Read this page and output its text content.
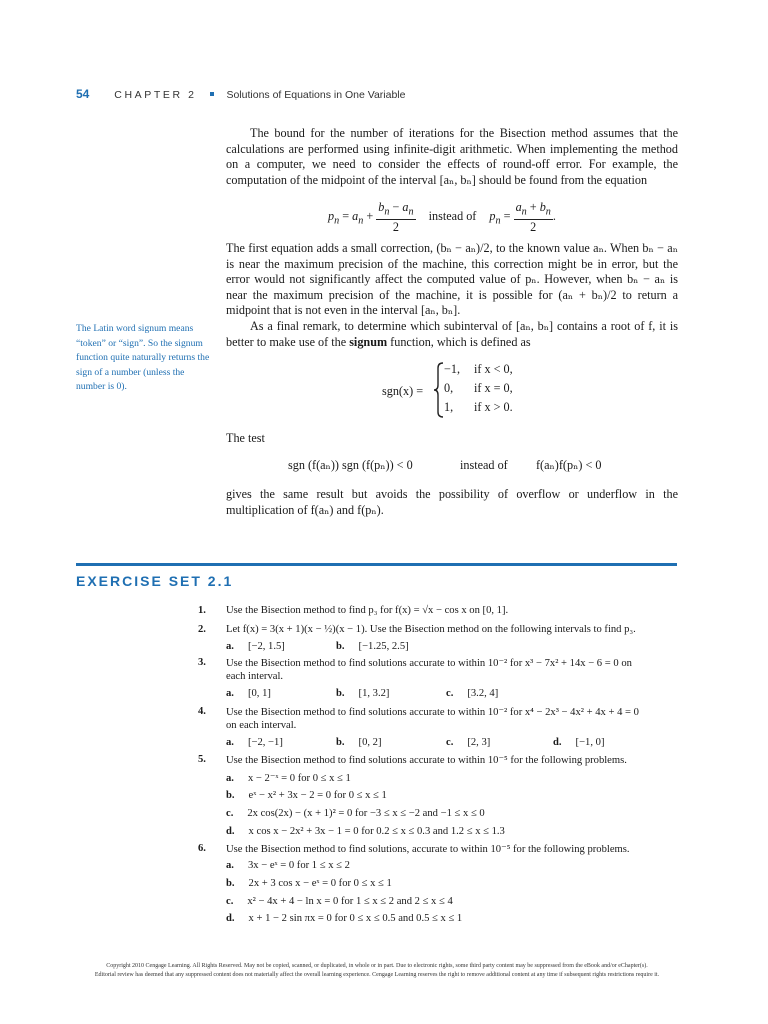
54 CHAPTER 2	Solutions of Equations in One Variable

The bound for the number of iterations for the Bisection method assumes that the calculations are performed using infinite-digit arithmetic. When implementing the method on a computer, we need to consider the effects of round-off error. For example, the computation of the midpoint of the interval [aₙ, bₙ] should be found from the equation

$p_n = a_n + \frac{b_n - a_n}{2}$ instead of $p_n = \frac{a_n + b_n}{2}$ .

The first equation adds a small correction, (bₙ − aₙ)/2, to the known value aₙ. When bₙ − aₙ is near the maximum precision of the machine, this correction might be in error, but the error would not significantly affect the computed value of pₙ. However, when bₙ − aₙ is near the maximum precision of the machine, it is possible for (aₙ + bₙ)/2 to return a midpoint that is not even in the interval [aₙ, bₙ].

As a final remark, to determine which subinterval of [aₙ, bₙ] contains a root of f, it is better to make use of the signum function, which is defined as

The Latin word signum means “token” or “sign”. So the signum function quite naturally returns the sign of a number (unless the number is 0).	sgn(x) =
−1, if x < 0,
0, if x = 0,
1, if x > 0.

The test

sgn (f(aₙ)) sgn (f(pₙ)) < 0	instead of f(aₙ)f(pₙ) < 0

gives the same result but avoids the possibility of overflow or underflow in the multiplication of f(aₙ) and f(pₙ).

EXERCISE SET 2.1
1. Use the Bisection method to find p₃ for f(x) = √x − cos x on [0, 1].
2. Let f(x) = 3(x + 1)(x − ½)(x − 1). Use the Bisection method on the following intervals to find p₃.
a. [−2, 1.5]	b. [−1.25, 2.5]
3. Use the Bisection method to find solutions accurate to within 10⁻² for x³ − 7x² + 14x − 6 = 0 on
each interval.
a. [0, 1]	b. [1, 3.2]	c. [3.2, 4]
4. Use the Bisection method to find solutions accurate to within 10⁻² for x⁴ − 2x³ − 4x² + 4x + 4 = 0
on each interval.
a. [−2, −1]	b. [0, 2]	c. [2, 3]	d. [−1, 0]
5. Use the Bisection method to find solutions accurate to within 10⁻⁵ for the following problems.
a. x − 2⁻ˣ = 0 for 0 ≤ x ≤ 1
b. eˣ − x² + 3x − 2 = 0 for 0 ≤ x ≤ 1
c. 2x cos(2x) − (x + 1)² = 0 for −3 ≤ x ≤ −2 and −1 ≤ x ≤ 0
d. x cos x − 2x² + 3x − 1 = 0 for 0.2 ≤ x ≤ 0.3 and 1.2 ≤ x ≤ 1.3
6. Use the Bisection method to find solutions, accurate to within 10⁻⁵ for the following problems.
a. 3x − eˣ = 0 for 1 ≤ x ≤ 2
b. 2x + 3 cos x − eˣ = 0 for 0 ≤ x ≤ 1
c. x² − 4x + 4 − ln x = 0 for 1 ≤ x ≤ 2 and 2 ≤ x ≤ 4
d. x + 1 − 2 sin πx = 0 for 0 ≤ x ≤ 0.5 and 0.5 ≤ x ≤ 1
Copyright 2010 Cengage Learning. All Rights Reserved. May not be copied, scanned, or duplicated, in whole or in part. Due to electronic rights, some third party content may be suppressed from the eBook and/or eChapter(s).
Editorial review has deemed that any suppressed content does not materially affect the overall learning experience. Cengage Learning reserves the right to remove additional content at any time if subsequent rights restrictions require it.
